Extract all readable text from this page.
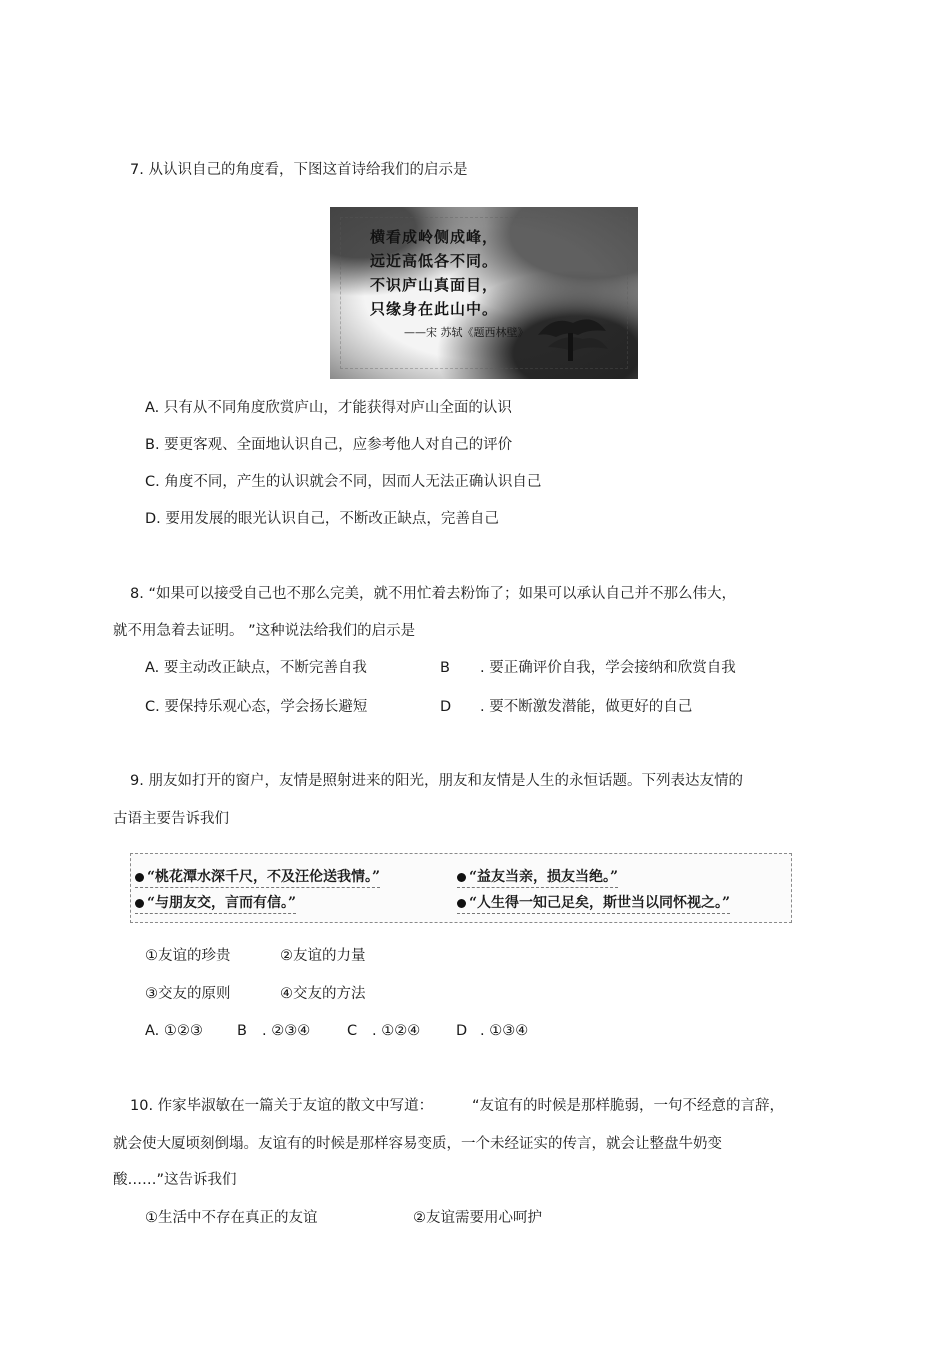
7. 从认识自己的角度看，下图这首诗给我们的启示是
横看成岭侧成峰，
远近高低各不同。
不识庐山真面目，
只缘身在此山中。
——宋 苏轼《题西林壁》
A. 只有从不同角度欣赏庐山，才能获得对庐山全面的认识
B. 要更客观、全面地认识自己，应参考他人对自己的评价
C. 角度不同，产生的认识就会不同，因而人无法正确认识自己
D. 要用发展的眼光认识自己，不断改正缺点，完善自己
8. “如果可以接受自己也不那么完美，就不用忙着去粉饰了；如果可以承认自己并不那么伟大，
就不用急着去证明。 ”这种说法给我们的启示是
A. 要主动改正缺点，不断完善自我	B . 要正确评价自我，学会接纳和欣赏自我
C. 要保持乐观心态，学会扬长避短	D . 要不断激发潜能，做更好的自己
9. 朋友如打开的窗户，友情是照射进来的阳光，朋友和友情是人生的永恒话题。下列表达友情的
古语主要告诉我们
“桃花潭水深千尺，不及汪伦送我情。”	“益友当亲，损友当绝。”
“与朋友交，言而有信。”	“人生得一知己足矣，斯世当以同怀视之。”
①友谊的珍贵	②友谊的力量
③交友的原则	④交友的方法
A. ①②③ B . ②③④	C . ①②④ D . ①③④
10. 作家毕淑敏在一篇关于友谊的散文中写道：	“友谊有的时候是那样脆弱，一句不经意的言辞，
就会使大厦顷刻倒塌。友谊有的时候是那样容易变质，一个未经证实的传言，就会让整盘牛奶变
酸……”这告诉我们
①生活中不存在真正的友谊	②友谊需要用心呵护
